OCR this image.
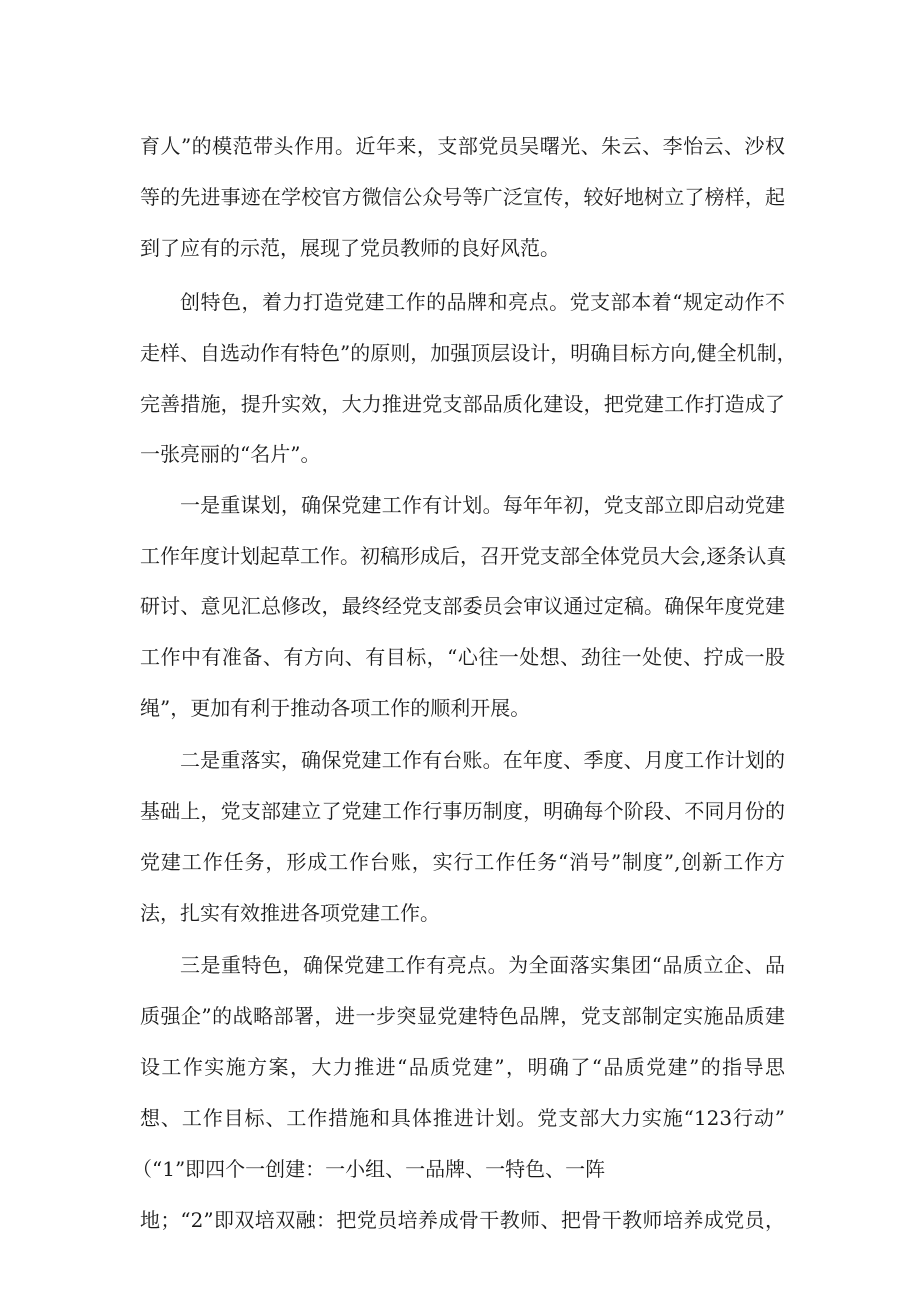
育人”的模范带头作用。近年来，支部党员吴曙光、朱云、李怡云、沙权
等的先进事迹在学校官方微信公众号等广泛宣传，较好地树立了榜样，起
到了应有的示范，展现了党员教师的良好风范。
创特色，着力打造党建工作的品牌和亮点。党支部本着“规定动作不
走样、自选动作有特色”的原则，加强顶层设计，明确目标方向,健全机制，
完善措施，提升实效，大力推进党支部品质化建设，把党建工作打造成了
一张亮丽的“名片”。
一是重谋划，确保党建工作有计划。每年年初，党支部立即启动党建
工作年度计划起草工作。初稿形成后，召开党支部全体党员大会,逐条认真
研讨、意见汇总修改，最终经党支部委员会审议通过定稿。确保年度党建
工作中有准备、有方向、有目标，“心往一处想、劲往一处使、拧成一股
绳”，更加有利于推动各项工作的顺利开展。
二是重落实，确保党建工作有台账。在年度、季度、月度工作计划的
基础上，党支部建立了党建工作行事历制度，明确每个阶段、不同月份的
党建工作任务，形成工作台账，实行工作任务“消号”制度”,创新工作方
法，扎实有效推进各项党建工作。
三是重特色，确保党建工作有亮点。为全面落实集团“品质立企、品
质强企”的战略部署，进一步突显党建特色品牌，党支部制定实施品质建
设工作实施方案，大力推进“品质党建”，明确了“品质党建”的指导思
想、工作目标、工作措施和具体推进计划。党支部大力实施“123行动”
（“1”即四个一创建：一小组、一品牌、一特色、一阵
地；“2”即双培双融：把党员培养成骨干教师、把骨干教师培养成党员，
